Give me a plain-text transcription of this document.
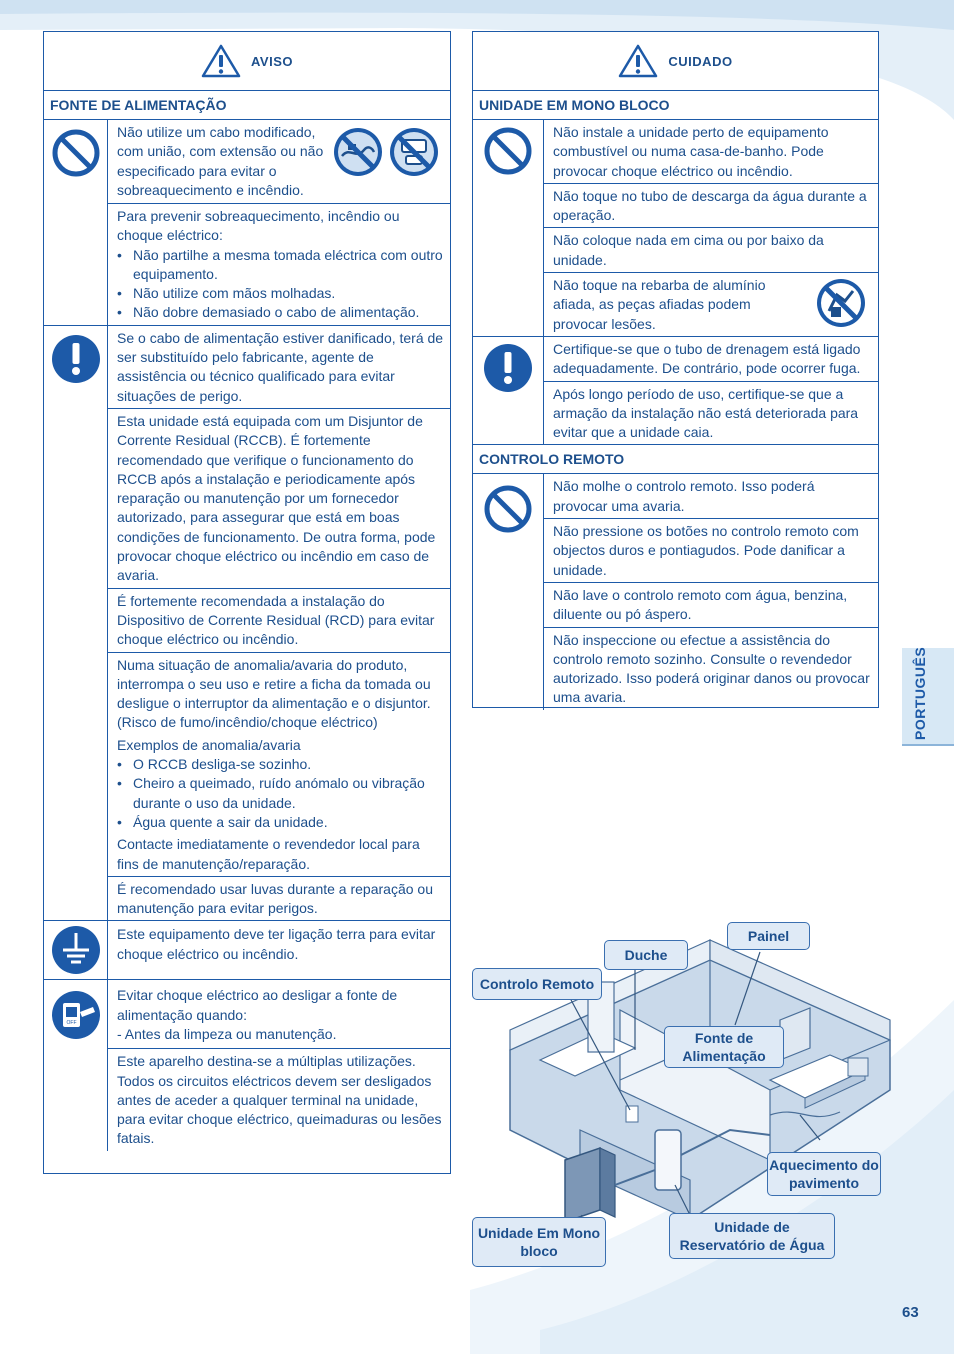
AVISO
FONTE DE ALIMENTAÇÃO
Não utilize um cabo modificado, com união, com extensão ou não especificado para evitar o sobreaquecimento e incêndio.

Para prevenir sobreaquecimento, incêndio ou choque eléctrico:

• Não partilhe a mesma tomada eléctrica com outro equipamento.

• Não utilize com mãos molhadas.

• Não dobre demasiado o cabo de alimentação.

Se o cabo de alimentação estiver danificado, terá de ser substituído pelo fabricante, agente de assistência ou técnico qualificado para evitar situações de perigo.
Esta unidade está equipada com um Disjuntor de Corrente Residual (RCCB). É fortemente recomendado que verifique o funcionamento do RCCB após a instalação e periodicamente após reparação ou manutenção por um fornecedor autorizado, para assegurar que está em boas condições de funcionamento. De outra forma, pode provocar choque eléctrico ou incêndio em caso de avaria.
É fortemente recomendada a instalação do Dispositivo de Corrente Residual (RCD) para evitar choque eléctrico ou incêndio.

Numa situação de anomalia/avaria do produto, interrompa o seu uso e retire a ficha da tomada ou desligue o interruptor da alimentação e o disjuntor.

(Risco de fumo/incêndio/choque eléctrico)

Exemplos de anomalia/avaria

• O RCCB desliga-se sozinho.

• Cheiro a queimado, ruído anómalo ou vibração durante o uso da unidade.

• Água quente a sair da unidade.

Contacte imediatamente o revendedor local para fins de manutenção/reparação.

É recomendado usar luvas durante a reparação ou manutenção para evitar perigos.
Este equipamento deve ter ligação terra para evitar choque eléctrico ou incêndio.
OFF

Evitar choque eléctrico ao desligar a fonte de alimentação quando:

- Antes da limpeza ou manutenção.

Este aparelho destina-se a múltiplas utilizações. Todos os circuitos eléctricos devem ser desligados antes de aceder a qualquer terminal na unidade, para evitar choque eléctrico, queimaduras ou lesões fatais.
CUIDADO
UNIDADE EM MONO BLOCO
Não instale a unidade perto de equipamento combustível ou numa casa-de-banho. Pode provocar choque eléctrico ou incêndio.
Não toque no tubo de descarga da água durante a operação.
Não coloque nada em cima ou por baixo da unidade.
Não toque na rebarba de alumínio afiada, as peças afiadas podem provocar lesões.
Certifique-se que o tubo de drenagem está ligado adequadamente. De contrário, pode ocorrer fuga.
Após longo período de uso, certifique-se que a armação da instalação não está deteriorada para evitar que a unidade caia.
CONTROLO REMOTO
Não molhe o controlo remoto. Isso poderá provocar uma avaria.
Não pressione os botões no controlo remoto com objectos duros e pontiagudos. Pode danificar a unidade.
Não lave o controlo remoto com água, benzina, diluente ou pó áspero.
Não inspeccione ou efectue a assistência do controlo remoto sozinho. Consulte o revendedor autorizado. Isso poderá originar danos ou provocar uma avaria.	PORTUGUÊS
Painel
Duche
Controlo Remoto
Fonte de Alimentação
Aquecimento do pavimento
Unidade Em Mono bloco
Unidade de Reservatório de Água
63
